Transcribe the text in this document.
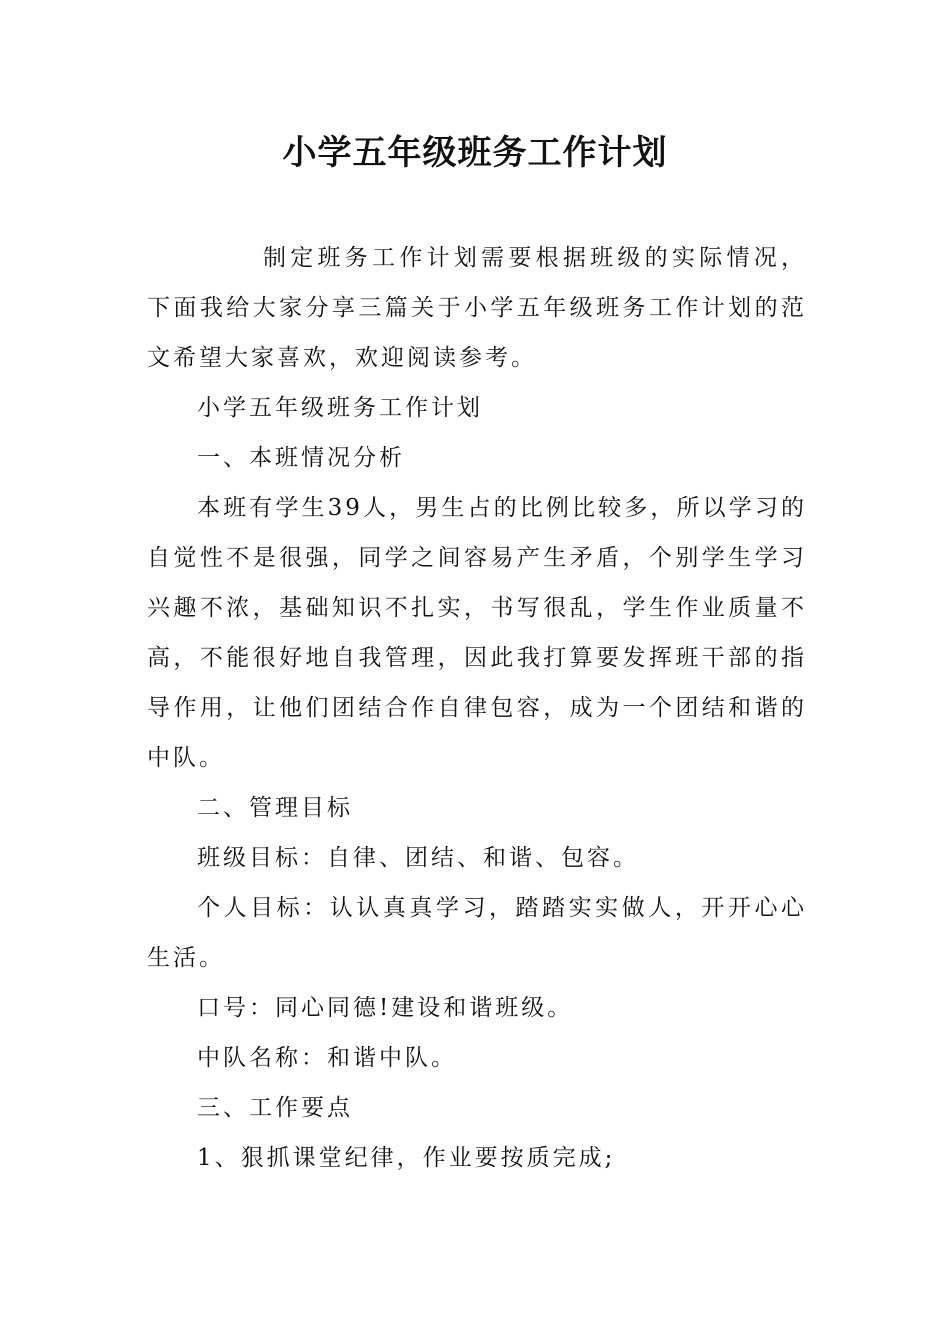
小学五年级班务工作计划

制定班务工作计划需要根据班级的实际情况，下面我给大家分享三篇关于小学五年级班务工作计划的范文希望大家喜欢，欢迎阅读参考。

小学五年级班务工作计划

一、本班情况分析

本班有学生39人，男生占的比例比较多，所以学习的自觉性不是很强，同学之间容易产生矛盾，个别学生学习兴趣不浓，基础知识不扎实，书写很乱，学生作业质量不高，不能很好地自我管理，因此我打算要发挥班干部的指导作用，让他们团结合作自律包容，成为一个团结和谐的中队。

二、管理目标

班级目标：自律、团结、和谐、包容。

个人目标：认认真真学习，踏踏实实做人，开开心心生活。

口号：同心同德!建设和谐班级。

中队名称：和谐中队。

三、工作要点

1、狠抓课堂纪律，作业要按质完成;
